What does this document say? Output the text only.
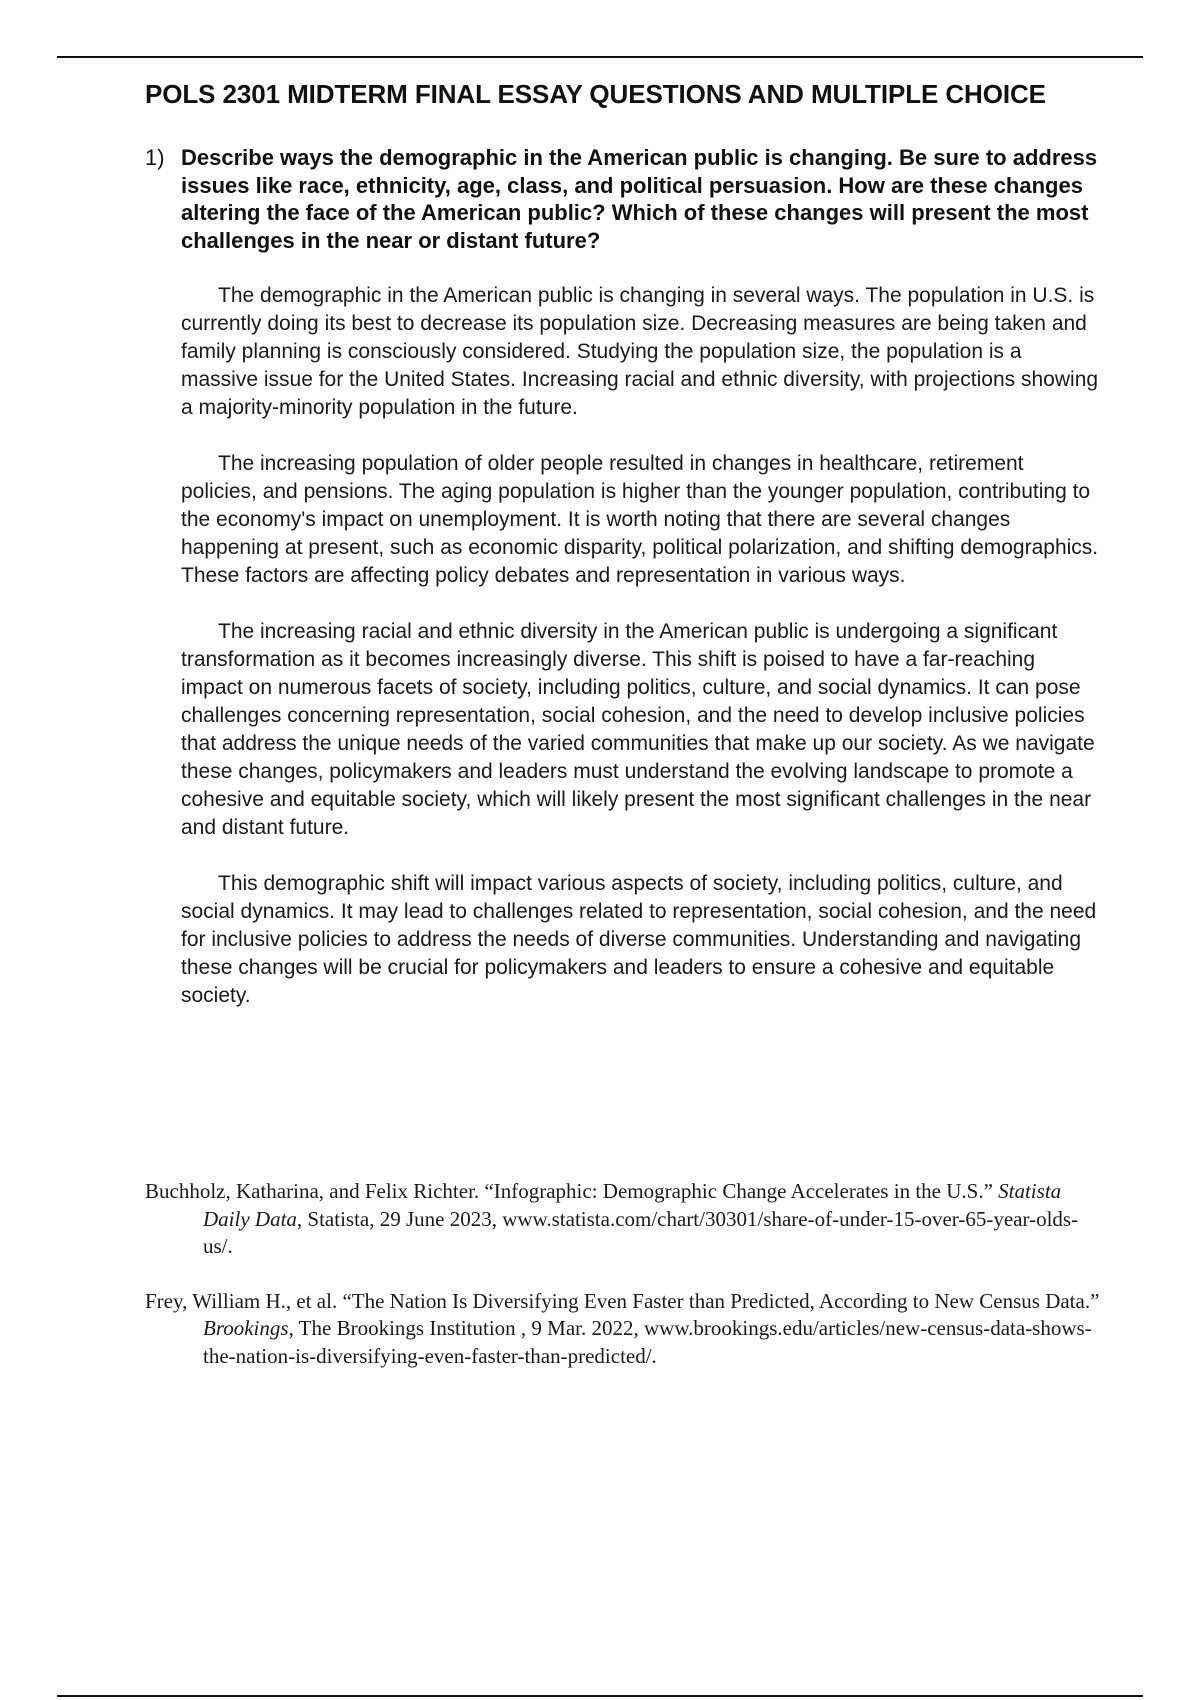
POLS 2301 MIDTERM FINAL ESSAY QUESTIONS AND MULTIPLE CHOICE
1) Describe ways the demographic in the American public is changing. Be sure to address issues like race, ethnicity, age, class, and political persuasion. How are these changes altering the face of the American public? Which of these changes will present the most challenges in the near or distant future?

The demographic in the American public is changing in several ways. The population in U.S. is currently doing its best to decrease its population size. Decreasing measures are being taken and family planning is consciously considered. Studying the population size, the population is a massive issue for the United States. Increasing racial and ethnic diversity, with projections showing a majority-minority population in the future.

The increasing population of older people resulted in changes in healthcare, retirement policies, and pensions. The aging population is higher than the younger population, contributing to the economy's impact on unemployment. It is worth noting that there are several changes happening at present, such as economic disparity, political polarization, and shifting demographics. These factors are affecting policy debates and representation in various ways.

The increasing racial and ethnic diversity in the American public is undergoing a significant transformation as it becomes increasingly diverse. This shift is poised to have a far-reaching impact on numerous facets of society, including politics, culture, and social dynamics. It can pose challenges concerning representation, social cohesion, and the need to develop inclusive policies that address the unique needs of the varied communities that make up our society. As we navigate these changes, policymakers and leaders must understand the evolving landscape to promote a cohesive and equitable society, which will likely present the most significant challenges in the near and distant future.

This demographic shift will impact various aspects of society, including politics, culture, and social dynamics. It may lead to challenges related to representation, social cohesion, and the need for inclusive policies to address the needs of diverse communities. Understanding and navigating these changes will be crucial for policymakers and leaders to ensure a cohesive and equitable society.

Buchholz, Katharina, and Felix Richter. “Infographic: Demographic Change Accelerates in the U.S.” Statista Daily Data, Statista, 29 June 2023, www.statista.com/chart/30301/share-of-under-15-over-65-year-olds-us/.

Frey, William H., et al. “The Nation Is Diversifying Even Faster than Predicted, According to New Census Data.” Brookings, The Brookings Institution , 9 Mar. 2022, www.brookings.edu/articles/new-census-data-shows-the-nation-is-diversifying-even-faster-than-predicted/.
